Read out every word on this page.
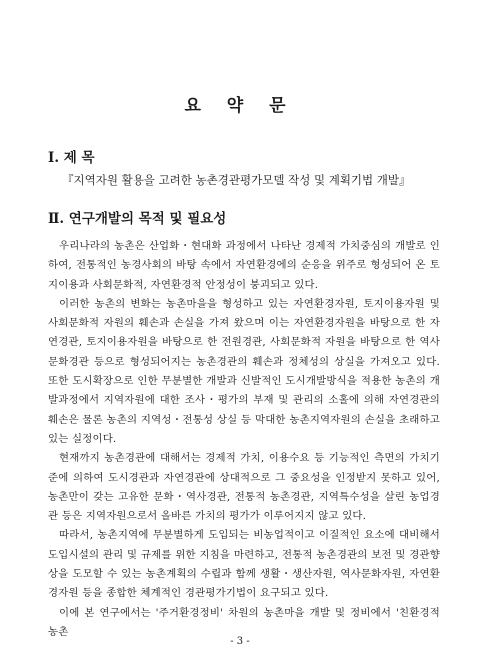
요 약 문
Ⅰ. 제 목
『지역자원 활용을 고려한 농촌경관평가모델 작성 및 계획기법 개발』
Ⅱ. 연구개발의 목적 및 필요성

우리나라의 농촌은 산업화・현대화 과정에서 나타난 경제적 가치중심의 개발로 인하여, 전통적인 농경사회의 바탕 속에서 자연환경에의 순응을 위주로 형성되어 온 토지이용과 사회문화적, 자연환경적 안정성이 붕괴되고 있다.

이러한 농촌의 변화는 농촌마을을 형성하고 있는 자연환경자원, 토지이용자원 및 사회문화적 자원의 훼손과 손실을 가져 왔으며 이는 자연환경자원을 바탕으로 한 자연경관, 토지이용자원을 바탕으로 한 전원경관, 사회문화적 자원을 바탕으로 한 역사문화경관 등으로 형성되어지는 농촌경관의 훼손과 정체성의 상실을 가져오고 있다. 또한 도시확장으로 인한 무분별한 개발과 신발적인 도시개발방식을 적용한 농촌의 개발과정에서 지역자원에 대한 조사・평가의 부재 및 관리의 소홀에 의해 자연경관의 훼손은 물론 농촌의 지역성・전통성 상실 등 막대한 농촌지역자원의 손실을 초래하고 있는 실정이다.

현재까지 농촌경관에 대해서는 경제적 가치, 이용수요 등 기능적인 측면의 가치기준에 의하여 도시경관과 자연경관에 상대적으로 그 중요성을 인정받지 못하고 있어, 농촌만이 갖는 고유한 문화・역사경관, 전통적 농촌경관, 지역특수성을 살린 농업경관 등은 지역자원으로서 올바른 가치의 평가가 이루어지지 않고 있다.

따라서, 농촌지역에 무분별하게 도입되는 비농업적이고 이질적인 요소에 대비해서 도입시설의 관리 및 규제를 위한 지침을 마련하고, 전통적 농촌경관의 보전 및 경관향상을 도모할 수 있는 농촌계획의 수립과 함께 생활・생산자원, 역사문화자원, 자연환경자원 등을 종합한 체계적인 경관평가기법이 요구되고 있다.

이에 본 연구에서는 '주거환경정비' 차원의 농촌마을 개발 및 정비에서 '친환경적 농촌

- 3 -
